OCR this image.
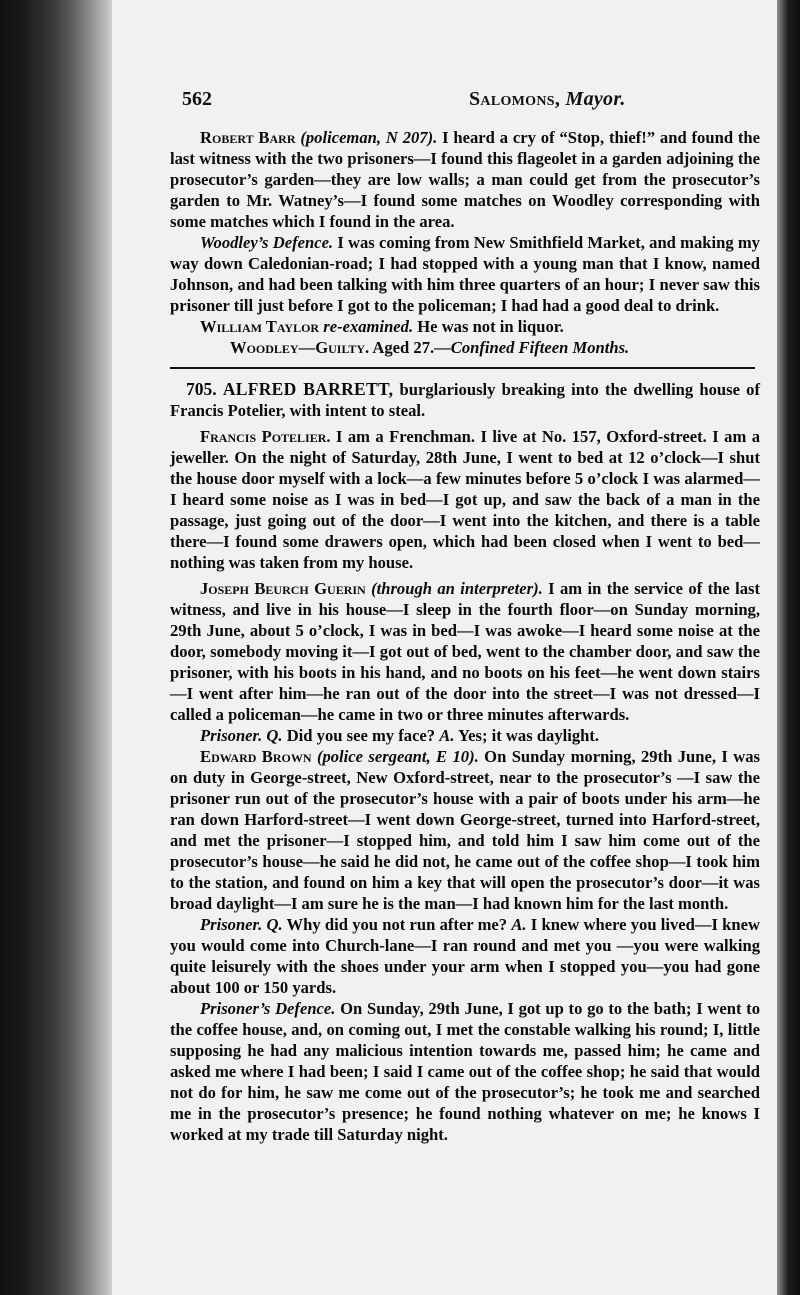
562	Salomons, Mayor.

Robert Barr (policeman, N 207). I heard a cry of “Stop, thief!” and found the last witness with the two prisoners—I found this flageolet in a garden adjoining the prosecutor’s garden—they are low walls; a man could get from the prosecutor’s garden to Mr. Watney’s—I found some matches on Woodley corresponding with some matches which I found in the area.

Woodley’s Defence. I was coming from New Smithfield Market, and making my way down Caledonian-road; I had stopped with a young man that I know, named Johnson, and had been talking with him three quarters of an hour; I never saw this prisoner till just before I got to the policeman; I had had a good deal to drink.

William Taylor re-examined. He was not in liquor.

Woodley—Guilty. Aged 27.—Confined Fifteen Months.

705. ALFRED BARRETT, burglariously breaking into the dwelling house of Francis Potelier, with intent to steal.

Francis Potelier. I am a Frenchman. I live at No. 157, Oxford-street. I am a jeweller. On the night of Saturday, 28th June, I went to bed at 12 o’clock—I shut the house door myself with a lock—a few minutes before 5 o’clock I was alarmed—I heard some noise as I was in bed—I got up, and saw the back of a man in the passage, just going out of the door—I went into the kitchen, and there is a table there—I found some drawers open, which had been closed when I went to bed—nothing was taken from my house.

Joseph Beurch Guerin (through an interpreter). I am in the service of the last witness, and live in his house—I sleep in the fourth floor—on Sunday morning, 29th June, about 5 o’clock, I was in bed—I was awoke—I heard some noise at the door, somebody moving it—I got out of bed, went to the chamber door, and saw the prisoner, with his boots in his hand, and no boots on his feet—he went down stairs—I went after him—he ran out of the door into the street—I was not dressed—I called a policeman—he came in two or three minutes afterwards.

Prisoner. Q. Did you see my face? A. Yes; it was daylight.

Edward Brown (police sergeant, E 10). On Sunday morning, 29th June, I was on duty in George-street, New Oxford-street, near to the prosecutor’s —I saw the prisoner run out of the prosecutor’s house with a pair of boots under his arm—he ran down Harford-street—I went down George-street, turned into Harford-street, and met the prisoner—I stopped him, and told him I saw him come out of the prosecutor’s house—he said he did not, he came out of the coffee shop—I took him to the station, and found on him a key that will open the prosecutor’s door—it was broad daylight—I am sure he is the man—I had known him for the last month.

Prisoner. Q. Why did you not run after me? A. I knew where you lived—I knew you would come into Church-lane—I ran round and met you —you were walking quite leisurely with the shoes under your arm when I stopped you—you had gone about 100 or 150 yards.

Prisoner’s Defence. On Sunday, 29th June, I got up to go to the bath; I went to the coffee house, and, on coming out, I met the constable walking his round; I, little supposing he had any malicious intention towards me, passed him; he came and asked me where I had been; I said I came out of the coffee shop; he said that would not do for him, he saw me come out of the prosecutor’s; he took me and searched me in the prosecutor’s presence; he found nothing whatever on me; he knows I worked at my trade till Saturday night.
